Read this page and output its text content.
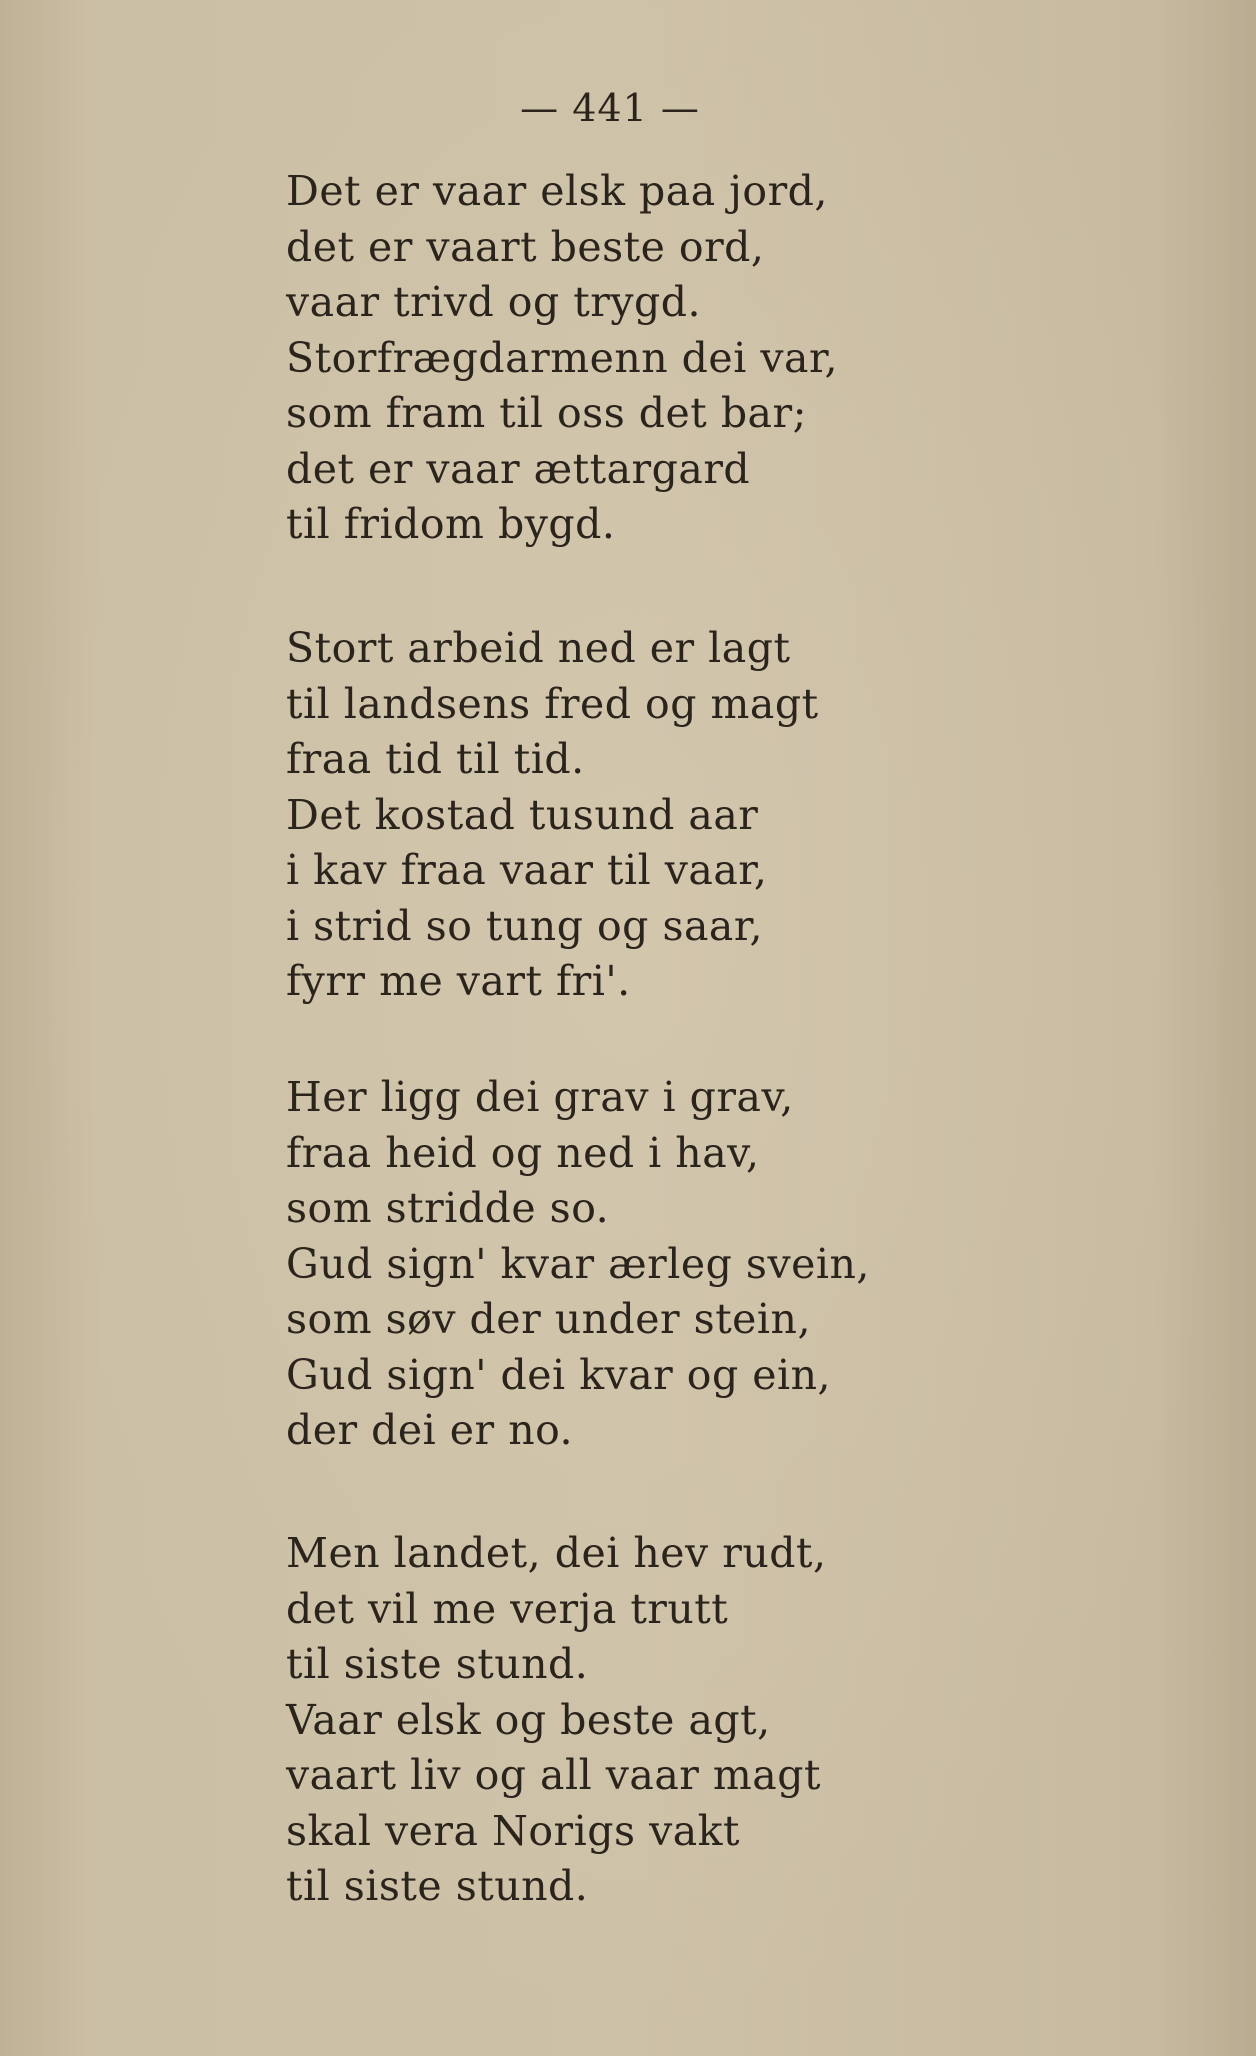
— 441 —
Det er vaar elsk paa jord,
det er vaart beste ord,
vaar trivd og trygd.
Storfrægdarmenn dei var,
som fram til oss det bar;
det er vaar ættargard
til fridom bygd.
Stort arbeid ned er lagt
til landsens fred og magt
fraa tid til tid.
Det kostad tusund aar
i kav fraa vaar til vaar,
i strid so tung og saar,
fyrr me vart fri'.
Her ligg dei grav i grav,
fraa heid og ned i hav,
som stridde so.
Gud sign' kvar ærleg svein,
som søv der under stein,
Gud sign' dei kvar og ein,
der dei er no.
Men landet, dei hev rudt,
det vil me verja trutt
til siste stund.
Vaar elsk og beste agt,
vaart liv og all vaar magt
skal vera Norigs vakt
til siste stund.
